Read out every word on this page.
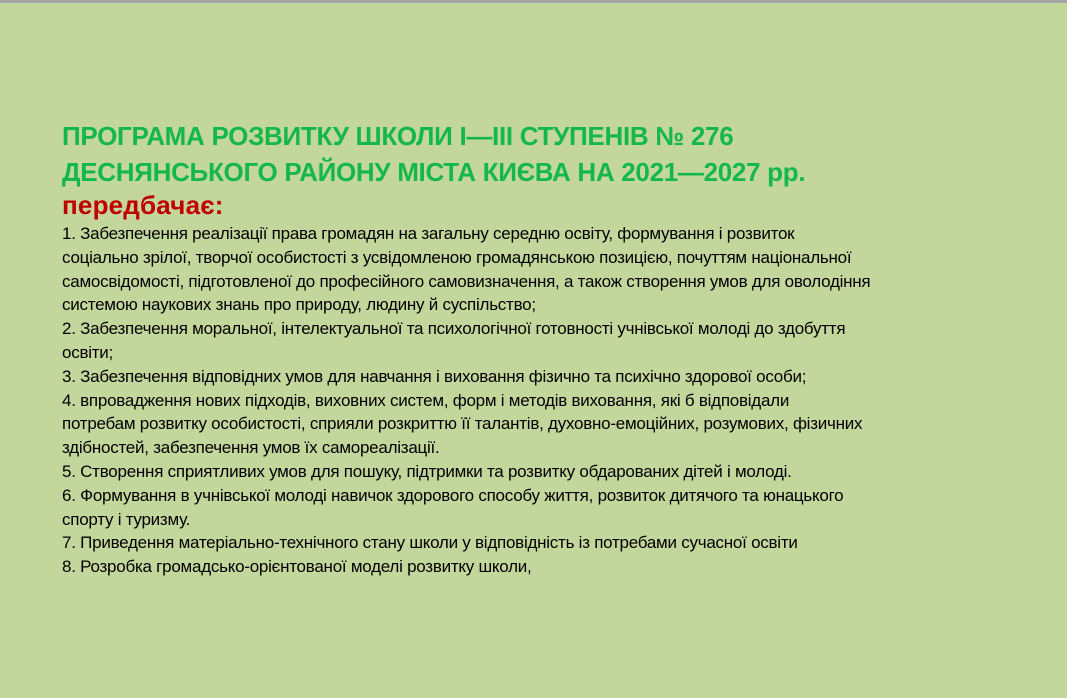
ПРОГРАМА РОЗВИТКУ ШКОЛИ І—ІІІ СТУПЕНІВ № 276
ДЕСНЯНСЬКОГО РАЙОНУ МІСТА КИЄВА НА 2021—2027 рр.
передбачає:
1. Забезпечення реалізації права громадян на загальну середню освіту, формування і розвиток
соціально зрілої, творчої особистості з усвідомленою громадянською позицією, почуттям національної
самосвідомості, підготовленої до професійного самовизначення, а також створення умов для оволодіння
системою наукових знань про природу, людину й суспільство;
2. Забезпечення моральної, інтелектуальної та психологічної готовності учнівської молоді до здобуття
освіти;
3. Забезпечення відповідних умов для навчання і виховання фізично та психічно здорової особи;
4. впровадження нових підходів, виховних систем, форм і методів виховання, які б відповідали
потребам розвитку особистості, сприяли розкриттю її талантів, духовно-емоційних, розумових, фізичних
здібностей, забезпечення умов їх самореалізації.
5. Створення сприятливих умов для пошуку, підтримки та розвитку обдарованих дітей і молоді.
6. Формування в учнівської молоді навичок здорового способу життя, розвиток дитячого та юнацького
спорту і туризму.
7. Приведення матеріально-технічного стану школи у відповідність із потребами сучасної освіти
8. Розробка громадсько-орієнтованої моделі розвитку школи,
